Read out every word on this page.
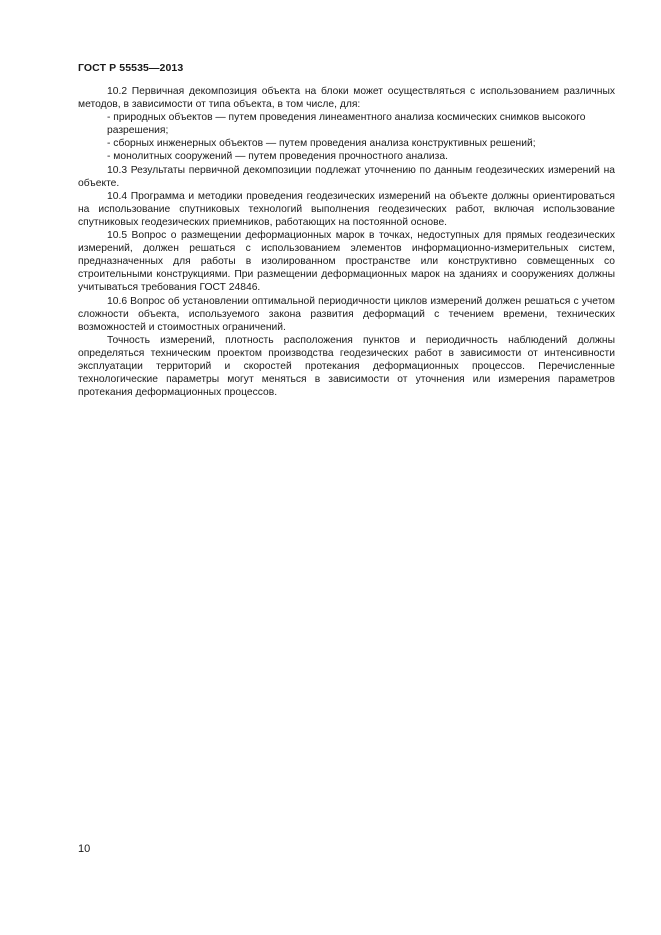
ГОСТ Р 55535—2013

10.2 Первичная декомпозиция объекта на блоки может осуществляться с использованием различных методов, в зависимости от типа объекта, в том числе, для:

- природных объектов — путем проведения линеаментного анализа космических снимков высокого разрешения;

- сборных инженерных объектов — путем проведения анализа конструктивных решений;

- монолитных сооружений — путем проведения прочностного анализа.

10.3 Результаты первичной декомпозиции подлежат уточнению по данным геодезических измерений на объекте.

10.4 Программа и методики проведения геодезических измерений на объекте должны ориентироваться на использование спутниковых технологий выполнения геодезических работ, включая использование спутниковых геодезических приемников, работающих на постоянной основе.

10.5 Вопрос о размещении деформационных марок в точках, недоступных для прямых геодезических измерений, должен решаться с использованием элементов информационно-измерительных систем, предназначенных для работы в изолированном пространстве или конструктивно совмещенных со строительными конструкциями. При размещении деформационных марок на зданиях и сооружениях должны учитываться требования ГОСТ 24846.

10.6 Вопрос об установлении оптимальной периодичности циклов измерений должен решаться с учетом сложности объекта, используемого закона развития деформаций с течением времени, технических возможностей и стоимостных ограничений.

Точность измерений, плотность расположения пунктов и периодичность наблюдений должны определяться техническим проектом производства геодезических работ в зависимости от интенсивности эксплуатации территорий и скоростей протекания деформационных процессов. Перечисленные технологические параметры могут меняться в зависимости от уточнения или измерения параметров протекания деформационных процессов.

10
